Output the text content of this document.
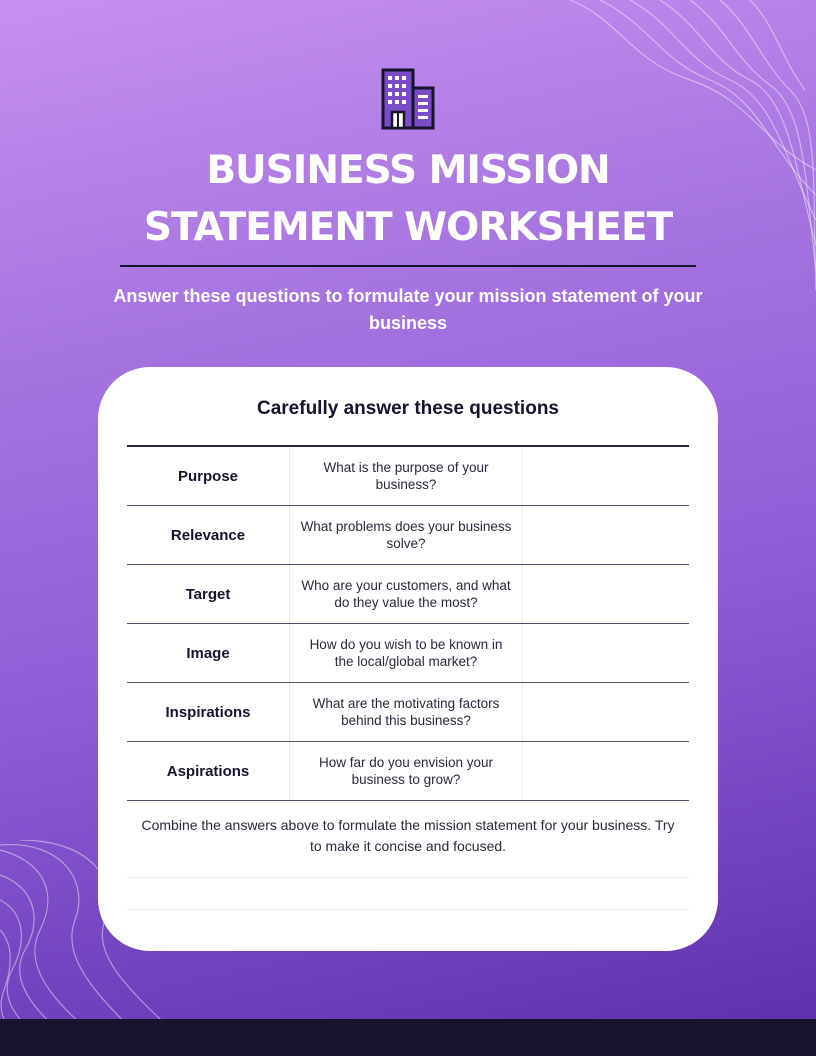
BUSINESS MISSION
STATEMENT WORKSHEET
Answer these questions to formulate your mission statement of your business
Carefully answer these questions
Purpose	What is the purpose of your business?
Relevance	What problems does your business solve?
Target	Who are your customers, and what do they value the most?
Image	How do you wish to be known in the local/global market?
Inspirations	What are the motivating factors behind this business?
Aspirations	How far do you envision your business to grow?
Combine the answers above to formulate the mission statement for your business. Try to make it concise and focused.
